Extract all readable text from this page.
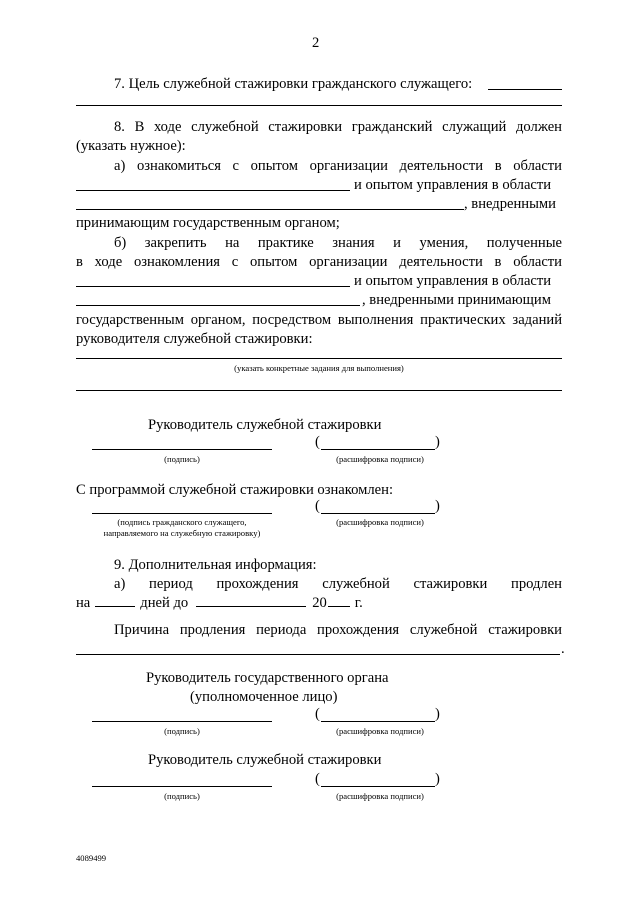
2
7. Цель служебной стажировки гражданского служащего:
8. В ходе служебной стажировки гражданский служащий должен
(указать нужное):
а) ознакомиться с опытом организации деятельности в области
и опытом управления в области
, внедренными
принимающим государственным органом;
б) закрепить на практике знания и умения, полученные
в ходе ознакомления с опытом организации деятельности в области
и опытом управления в области
, внедренными принимающим
государственным органом, посредством выполнения практических заданий
руководителя служебной стажировки:
(указать конкретные задания для выполнения)
Руководитель служебной стажировки
(подпись)
(	)
(расшифровка подписи)
С программой служебной стажировки ознакомлен:
(подпись гражданского служащего,
направляемого на служебную стажировку)
(	)
(расшифровка подписи)
9. Дополнительная информация:
а) период прохождения служебной стажировки продлен
на	дней до	20 г.
Причина продления периода прохождения служебной стажировки
.
Руководитель государственного органа
(уполномоченное лицо)
(подпись)
(	)
(расшифровка подписи)
Руководитель служебной стажировки
(подпись)
(	)
(расшифровка подписи)
4089499
